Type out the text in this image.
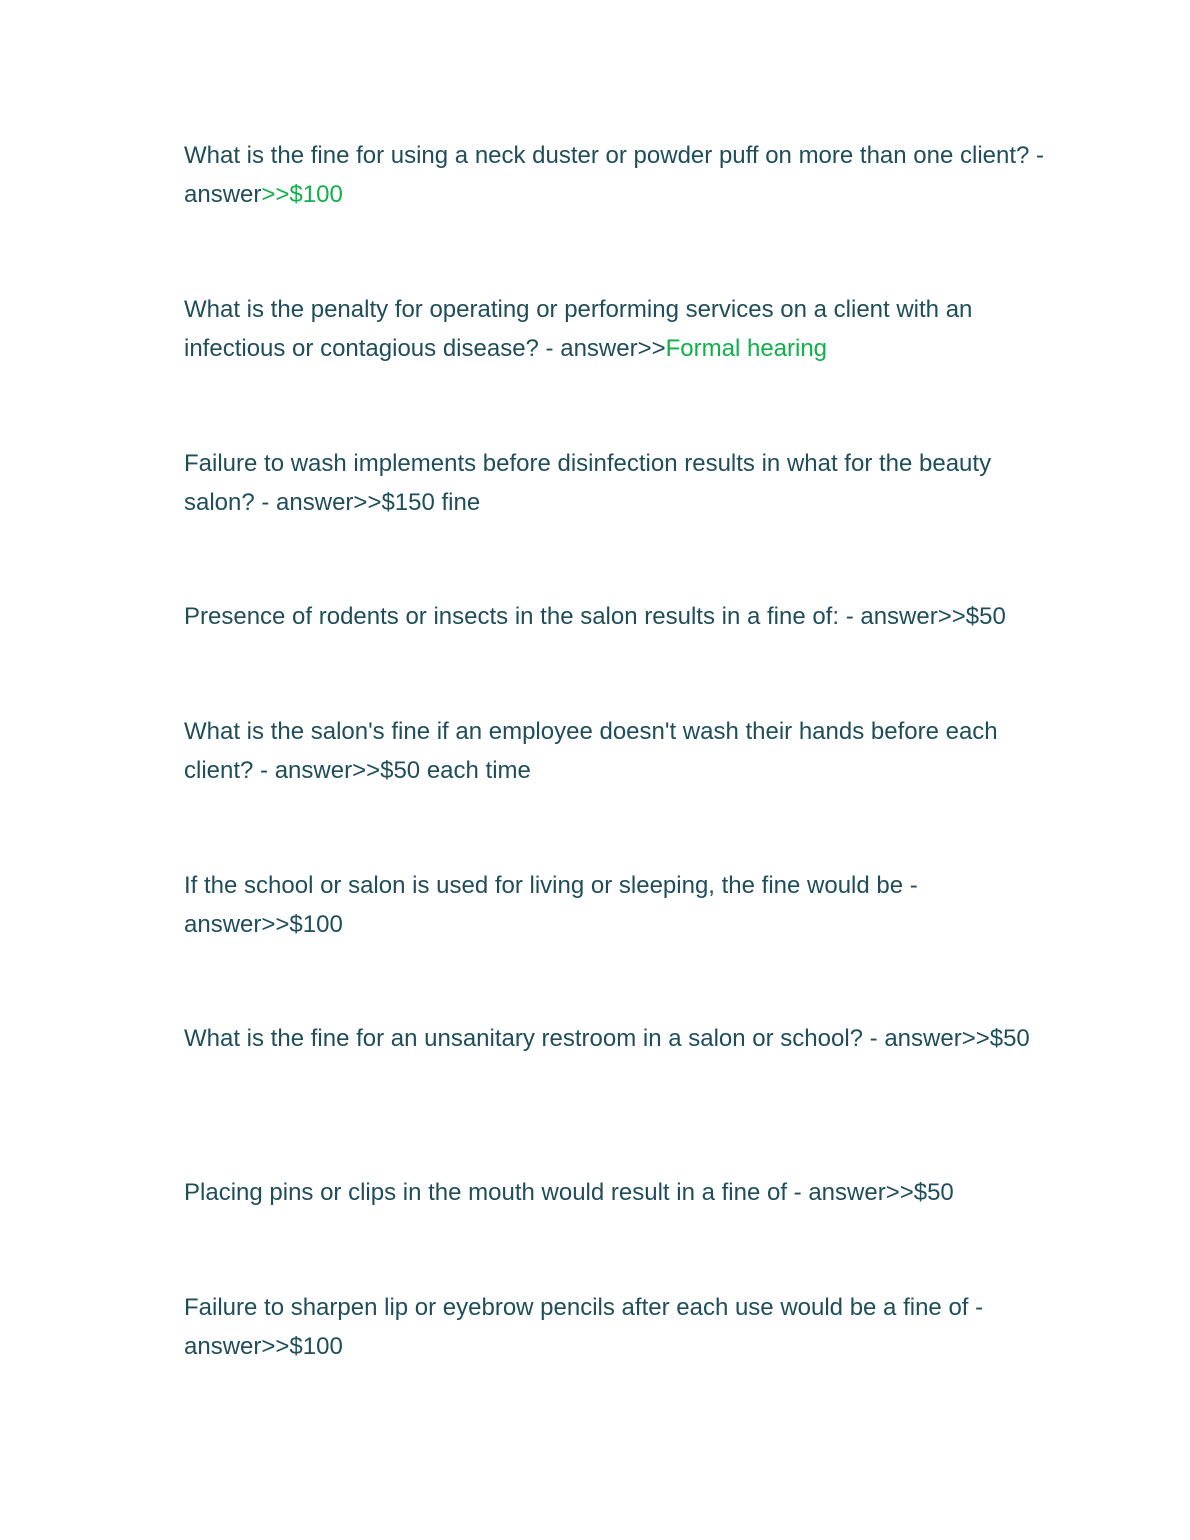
What is the fine for using a neck duster or powder puff on more than one client? - answer>>$100

What is the penalty for operating or performing services on a client with an infectious or contagious disease? - answer>>Formal hearing

Failure to wash implements before disinfection results in what for the beauty salon? - answer>>$150 fine

Presence of rodents or insects in the salon results in a fine of: - answer>>$50

What is the salon's fine if an employee doesn't wash their hands before each client? - answer>>$50 each time

If the school or salon is used for living or sleeping, the fine would be - answer>>$100

What is the fine for an unsanitary restroom in a salon or school? - answer>>$50

Placing pins or clips in the mouth would result in a fine of - answer>>$50

Failure to sharpen lip or eyebrow pencils after each use would be a fine of - answer>>$100
